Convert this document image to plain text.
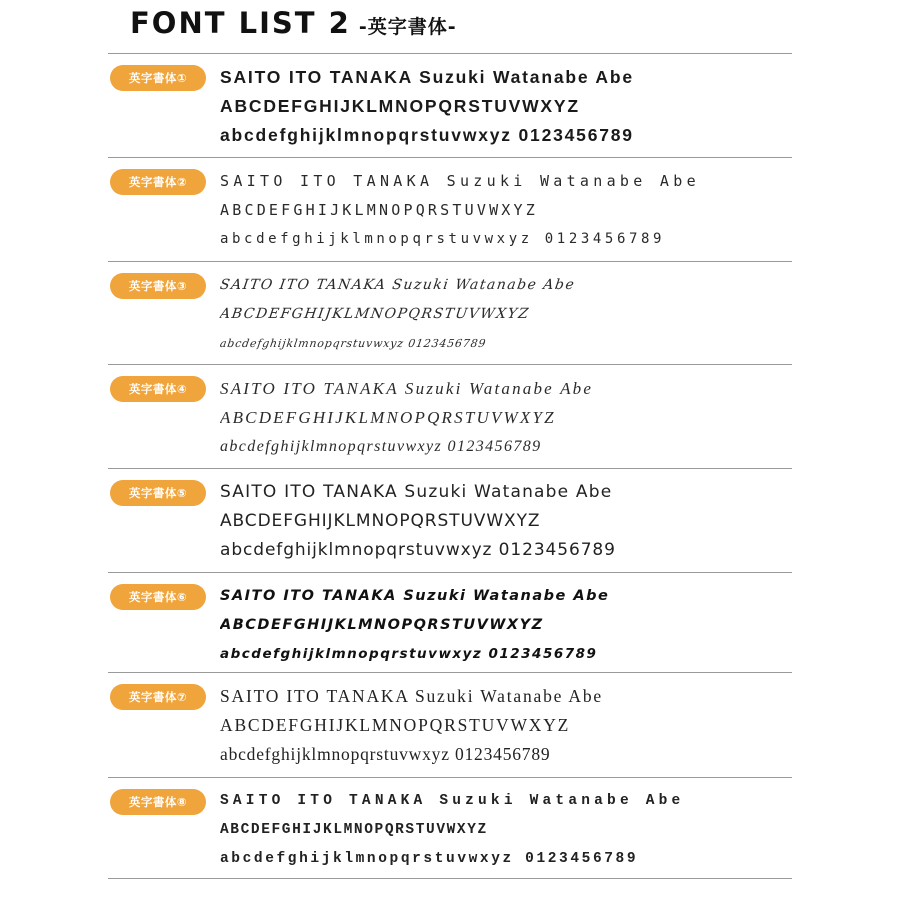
FONT LIST 2 -英字書体-
英字書体①	SAITO ITO TANAKA Suzuki Watanabe Abe
ABCDEFGHIJKLMNOPQRSTUVWXYZ
abcdefghijklmnopqrstuvwxyz 0123456789
英字書体②	SAITO ITO TANAKA Suzuki Watanabe Abe
ABCDEFGHIJKLMNOPQRSTUVWXYZ
abcdefghijklmnopqrstuvwxyz 0123456789
英字書体③	SAITO ITO TANAKA Suzuki Watanabe Abe
ABCDEFGHIJKLMNOPQRSTUVWXYZ
abcdefghijklmnopqrstuvwxyz 0123456789
英字書体④	SAITO ITO TANAKA Suzuki Watanabe Abe
ABCDEFGHIJKLMNOPQRSTUVWXYZ
abcdefghijklmnopqrstuvwxyz 0123456789
英字書体⑤	SAITO ITO TANAKA Suzuki Watanabe Abe
ABCDEFGHIJKLMNOPQRSTUVWXYZ
abcdefghijklmnopqrstuvwxyz 0123456789
英字書体⑥	SAITO ITO TANAKA Suzuki Watanabe Abe
ABCDEFGHIJKLMNOPQRSTUVWXYZ
abcdefghijklmnopqrstuvwxyz 0123456789
英字書体⑦	SAITO ITO TANAKA Suzuki Watanabe Abe
ABCDEFGHIJKLMNOPQRSTUVWXYZ
abcdefghijklmnopqrstuvwxyz 0123456789
英字書体⑧	SAITO ITO TANAKA Suzuki Watanabe Abe
ABCDEFGHIJKLMNOPQRSTUVWXYZ
abcdefghijklmnopqrstuvwxyz 0123456789
